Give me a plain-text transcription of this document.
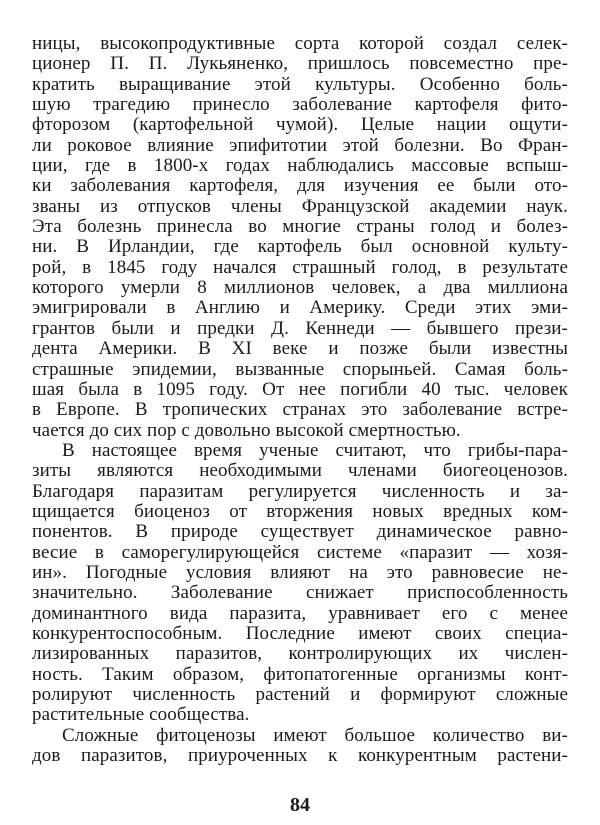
ницы, высокопродуктивные сорта которой создал селек-
ционер П. П. Лукьяненко, пришлось повсеместно пре-
кратить выращивание этой культуры. Особенно боль-
шую трагедию принесло заболевание картофеля фито-
фторозом (картофельной чумой). Целые нации ощути-
ли роковое влияние эпифитотии этой болезни. Во Фран-
ции, где в 1800-х годах наблюдались массовые вспыш-
ки заболевания картофеля, для изучения ее были ото-
званы из отпусков члены Французской академии наук.
Эта болезнь принесла во многие страны голод и болез-
ни. В Ирландии, где картофель был основной культу-
рой, в 1845 году начался страшный голод, в результате
которого умерли 8 миллионов человек, а два миллиона
эмигрировали в Англию и Америку. Среди этих эми-
грантов были и предки Д. Кеннеди — бывшего прези-
дента Америки. В XI веке и позже были известны
страшные эпидемии, вызванные спорыньей. Самая боль-
шая была в 1095 году. От нее погибли 40 тыс. человек
в Европе. В тропических странах это заболевание встре-
чается до сих пор с довольно высокой смертностью.
В настоящее время ученые считают, что грибы-пара-
зиты являются необходимыми членами биогеоценозов.
Благодаря паразитам регулируется численность и за-
щищается биоценоз от вторжения новых вредных ком-
понентов. В природе существует динамическое равно-
весие в саморегулирующейся системе «паразит — хозя-
ин». Погодные условия влияют на это равновесие не-
значительно. Заболевание снижает приспособленность
доминантного вида паразита, уравнивает его с менее
конкурентоспособным. Последние имеют своих специа-
лизированных паразитов, контролирующих их числен-
ность. Таким образом, фитопатогенные организмы конт-
ролируют численность растений и формируют сложные
растительные сообщества.
Сложные фитоценозы имеют большое количество ви-
дов паразитов, приуроченных к конкурентным растени-
84
